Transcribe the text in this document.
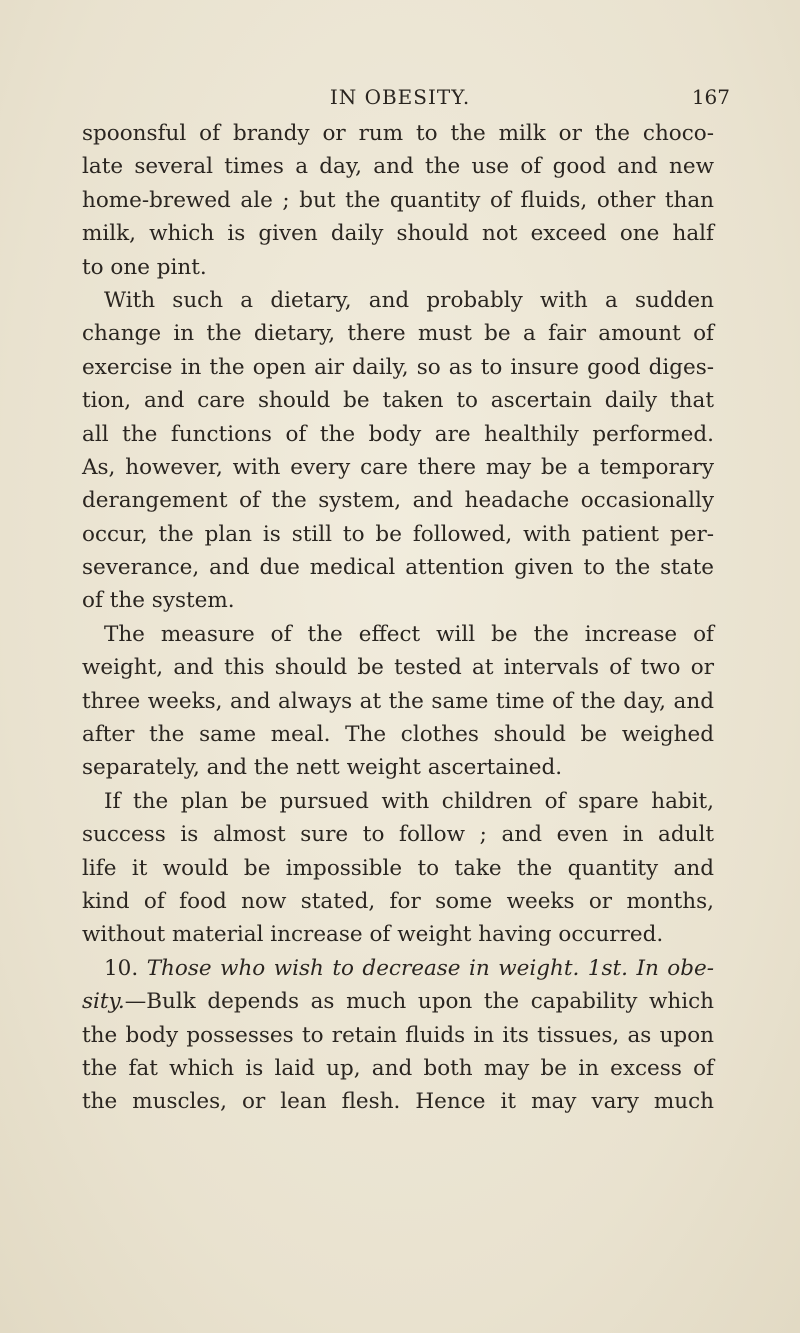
IN OBESITY.	167
spoonsful of brandy or rum to the milk or the choco-
late several times a day, and the use of good and new
home-brewed ale ; but the quantity of fluids, other than
milk, which is given daily should not exceed one half
to one pint.
With such a dietary, and probably with a sudden
change in the dietary, there must be a fair amount of
exercise in the open air daily, so as to insure good diges-
tion, and care should be taken to ascertain daily that
all the functions of the body are healthily performed.
As, however, with every care there may be a temporary
derangement of the system, and headache occasionally
occur, the plan is still to be followed, with patient per-
severance, and due medical attention given to the state
of the system.
The measure of the effect will be the increase of
weight, and this should be tested at intervals of two or
three weeks, and always at the same time of the day, and
after the same meal. The clothes should be weighed
separately, and the nett weight ascertained.
If the plan be pursued with children of spare habit,
success is almost sure to follow ; and even in adult
life it would be impossible to take the quantity and
kind of food now stated, for some weeks or months,
without material increase of weight having occurred.
10. Those who wish to decrease in weight. 1st. In obe-
sity.—Bulk depends as much upon the capability which
the body possesses to retain fluids in its tissues, as upon
the fat which is laid up, and both may be in excess of
the muscles, or lean flesh. Hence it may vary much
